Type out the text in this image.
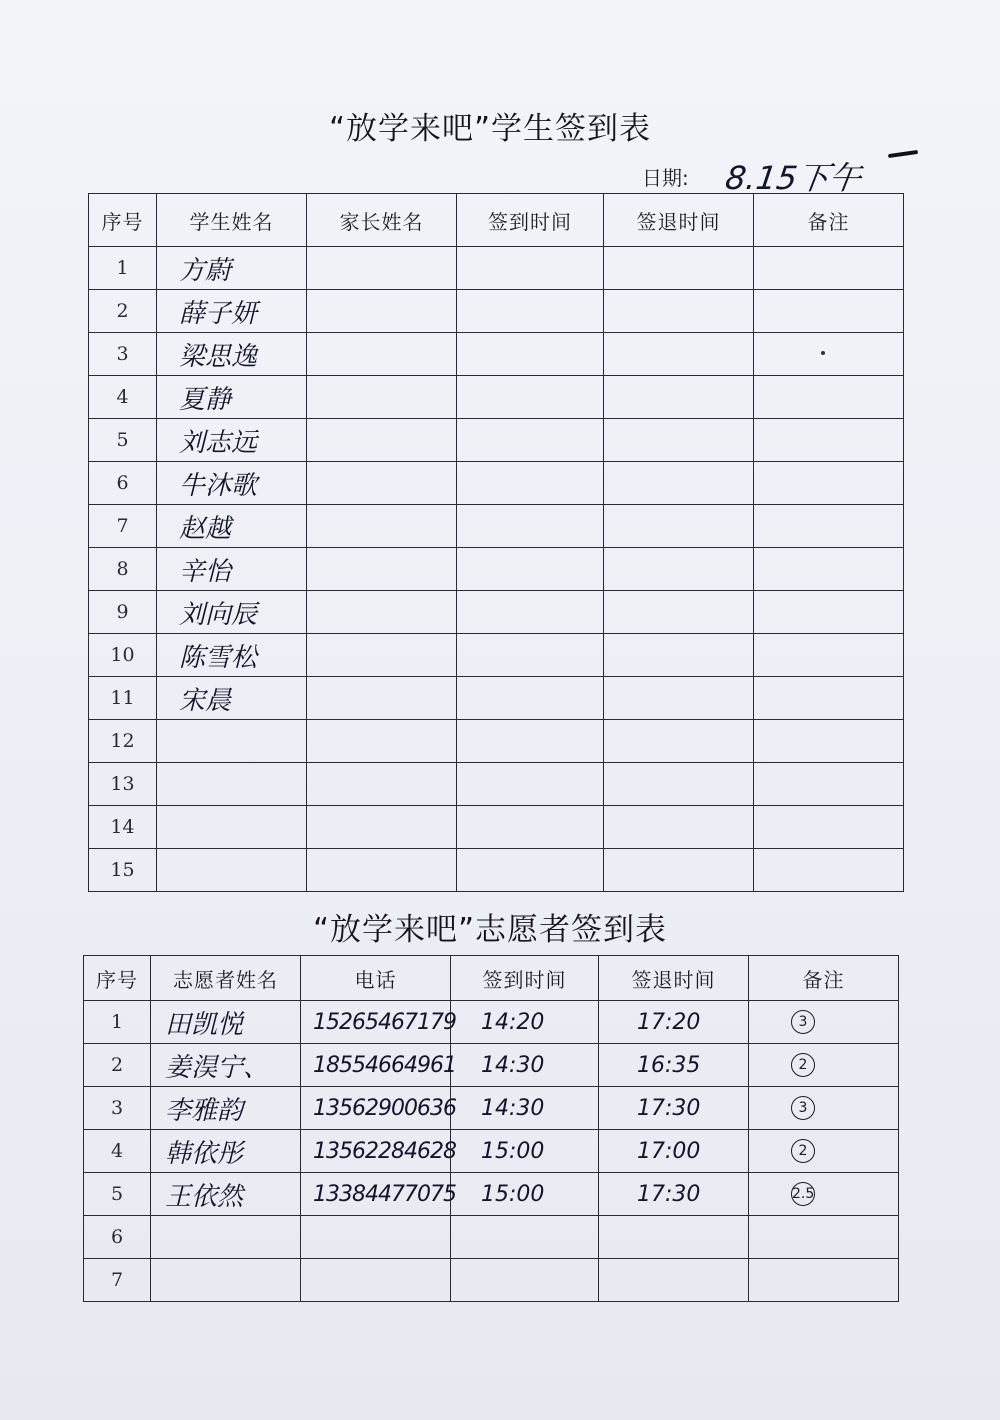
“放学来吧”学生签到表
日期: 8.15下午
序号	学生姓名	家长姓名	签到时间	签退时间	备注
1	方蔚				
2	薛子妍				
3	梁思逸				
4	夏静				
5	刘志远				
6	牛沐歌				
7	赵越				
8	辛怡				
9	刘向辰				
10	陈雪松				
11	宋晨				
12					
13					
14					
15					
“放学来吧”志愿者签到表
序号	志愿者姓名	电话	签到时间	签退时间	备注
1	田凯悦	15265467179	14:20	17:20	3
2	姜淏宁、	18554664961	14:30	16:35	2
3	李雅韵	13562900636	14:30	17:30	3
4	韩依彤	13562284628	15:00	17:00	2
5	王依然	13384477075	15:00	17:30	2.5
6					
7					
